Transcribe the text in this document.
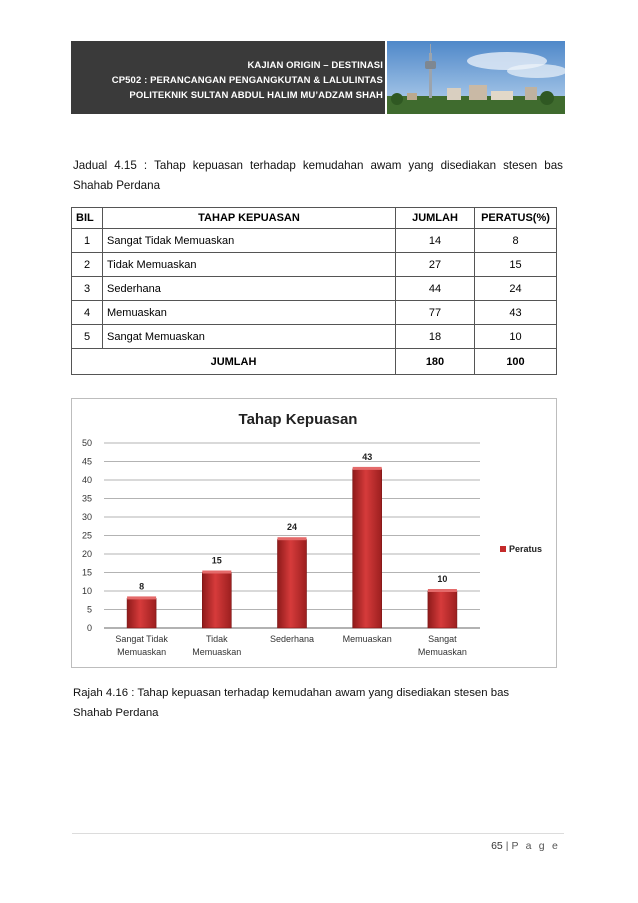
KAJIAN ORIGIN – DESTINASI
CP502 : PERANCANGAN PENGANGKUTAN & LALULINTAS
POLITEKNIK SULTAN ABDUL HALIM MU’ADZAM SHAH
Jadual 4.15 : Tahap kepuasan terhadap kemudahan awam yang disediakan stesen bas
Shahab Perdana
BIL	TAHAP KEPUASAN	JUMLAH	PERATUS(%)
1	Sangat Tidak Memuaskan	14	8
2	Tidak Memuaskan	27	15
3	Sederhana	44	24
4	Memuaskan	77	43
5	Sangat Memuaskan	18	10
JUMLAH		180	100
Tahap Kepuasan
0
5
10
15
20
25
30
35
40
45
50
8
15
24
43
10
Sangat Tidak
Memuaskan
Tidak
Memuaskan
Sederhana	Memuaskan	Sangat
Memuaskan
Peratus
Rajah 4.16 : Tahap kepuasan terhadap kemudahan awam yang disediakan stesen bas
Shahab Perdana
65 | P a g e
